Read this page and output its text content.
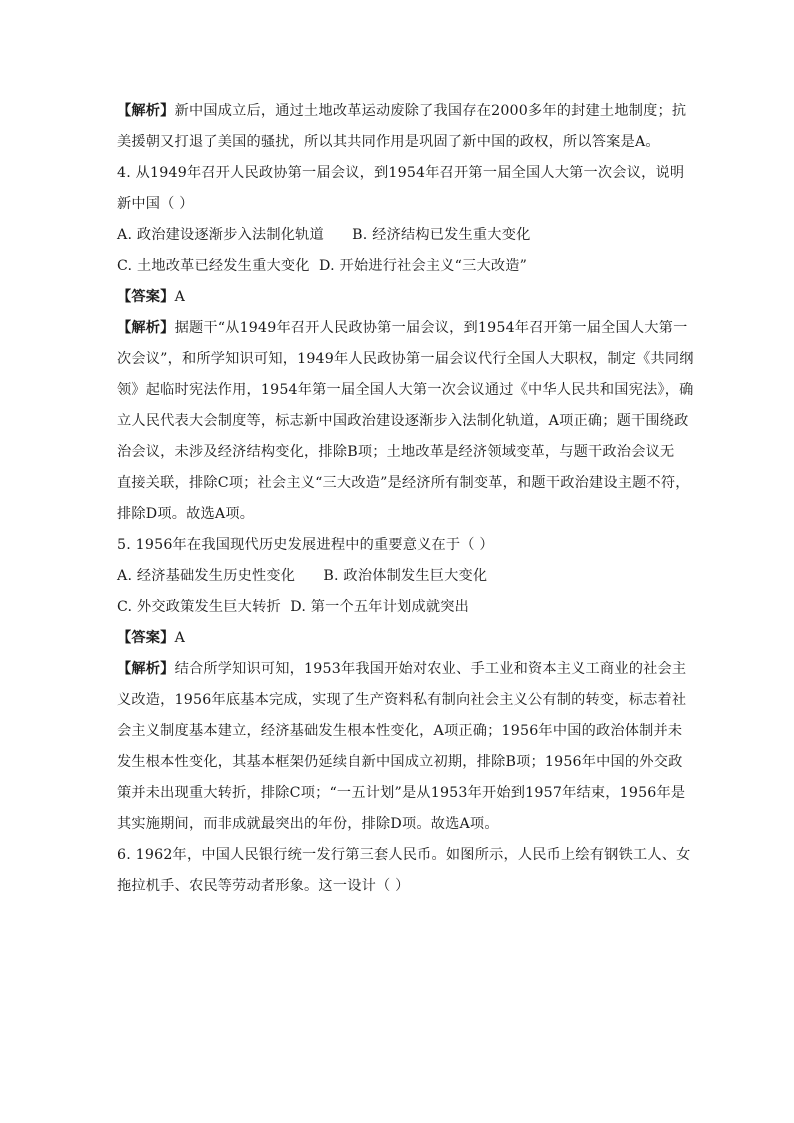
【解析】新中国成立后，通过土地改革运动废除了我国存在2000多年的封建土地制度；抗
美援朝又打退了美国的骚扰，所以其共同作用是巩固了新中国的政权，所以答案是A。
4. 从1949年召开人民政协第一届会议，到1954年召开第一届全国人大第一次会议，说明
新中国（ ）
A. 政治建设逐渐步入法制化轨道      B. 经济结构已发生重大变化
C. 土地改革已经发生重大变化  D. 开始进行社会主义“三大改造”
【答案】A
【解析】据题干“从1949年召开人民政协第一届会议，到1954年召开第一届全国人大第一
次会议”，和所学知识可知，1949年人民政协第一届会议代行全国人大职权，制定《共同纲
领》起临时宪法作用，1954年第一届全国人大第一次会议通过《中华人民共和国宪法》，确
立人民代表大会制度等，标志新中国政治建设逐渐步入法制化轨道，A项正确；题干围绕政
治会议，未涉及经济结构变化，排除B项；土地改革是经济领域变革，与题干政治会议无
直接关联，排除C项；社会主义“三大改造”是经济所有制变革，和题干政治建设主题不符，
排除D项。故选A项。
5. 1956年在我国现代历史发展进程中的重要意义在于（ ）
A. 经济基础发生历史性变化      B. 政治体制发生巨大变化
C. 外交政策发生巨大转折  D. 第一个五年计划成就突出
【答案】A
【解析】结合所学知识可知，1953年我国开始对农业、手工业和资本主义工商业的社会主
义改造，1956年底基本完成，实现了生产资料私有制向社会主义公有制的转变，标志着社
会主义制度基本建立，经济基础发生根本性变化，A项正确；1956年中国的政治体制并未
发生根本性变化，其基本框架仍延续自新中国成立初期，排除B项；1956年中国的外交政
策并未出现重大转折，排除C项；“一五计划”是从1953年开始到1957年结束，1956年是
其实施期间，而非成就最突出的年份，排除D项。故选A项。
6. 1962年，中国人民银行统一发行第三套人民币。如图所示，人民币上绘有钢铁工人、女
拖拉机手、农民等劳动者形象。这一设计（ ）
